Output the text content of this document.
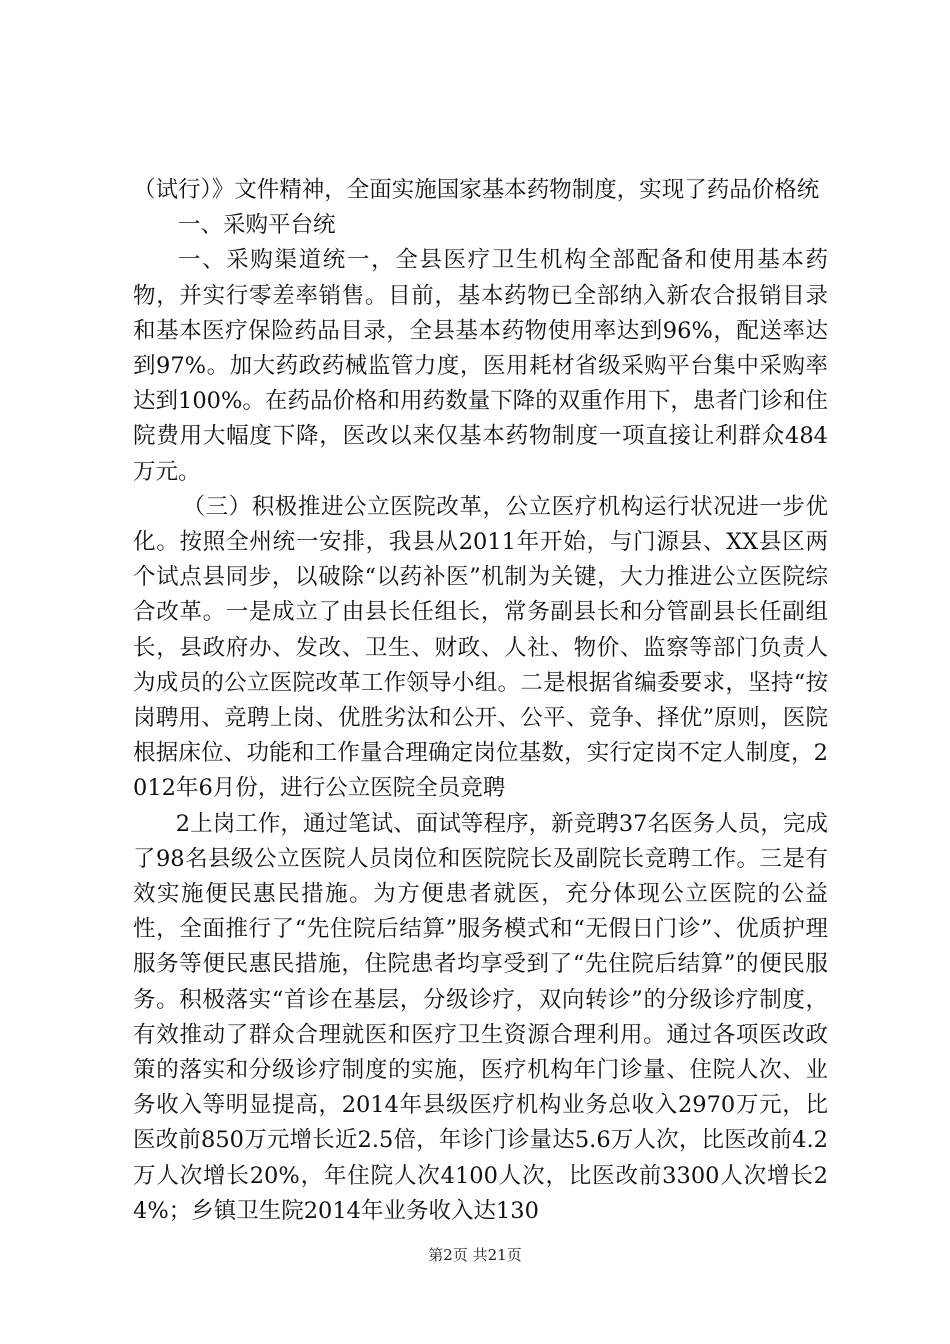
（试行）》文件精神，全面实施国家基本药物制度，实现了药品价格统

一、采购平台统

一、采购渠道统一，全县医疗卫生机构全部配备和使用基本药物，并实行零差率销售。目前，基本药物已全部纳入新农合报销目录和基本医疗保险药品目录，全县基本药物使用率达到96%，配送率达到97%。加大药政药械监管力度，医用耗材省级采购平台集中采购率达到100%。在药品价格和用药数量下降的双重作用下，患者门诊和住院费用大幅度下降，医改以来仅基本药物制度一项直接让利群众484万元。

（三）积极推进公立医院改革，公立医疗机构运行状况进一步优化。按照全州统一安排，我县从2011年开始，与门源县、XX县区两个试点县同步，以破除“以药补医”机制为关键，大力推进公立医院综合改革。一是成立了由县长任组长，常务副县长和分管副县长任副组长，县政府办、发改、卫生、财政、人社、物价、监察等部门负责人为成员的公立医院改革工作领导小组。二是根据省编委要求，坚持“按岗聘用、竞聘上岗、优胜劣汰和公开、公平、竞争、择优”原则，医院根据床位、功能和工作量合理确定岗位基数，实行定岗不定人制度，2012年6月份，进行公立医院全员竞聘

2上岗工作，通过笔试、面试等程序，新竞聘37名医务人员，完成了98名县级公立医院人员岗位和医院院长及副院长竞聘工作。三是有效实施便民惠民措施。为方便患者就医，充分体现公立医院的公益性，全面推行了“先住院后结算”服务模式和“无假日门诊”、优质护理服务等便民惠民措施，住院患者均享受到了“先住院后结算”的便民服务。积极落实“首诊在基层，分级诊疗，双向转诊”的分级诊疗制度，有效推动了群众合理就医和医疗卫生资源合理利用。通过各项医改政策的落实和分级诊疗制度的实施，医疗机构年门诊量、住院人次、业务收入等明显提高，2014年县级医疗机构业务总收入2970万元，比医改前850万元增长近2.5倍，年诊门诊量达5.6万人次，比医改前4.2万人次增长20%，年住院人次4100人次，比医改前3300人次增长24%；乡镇卫生院2014年业务收入达130

第2页 共21页
